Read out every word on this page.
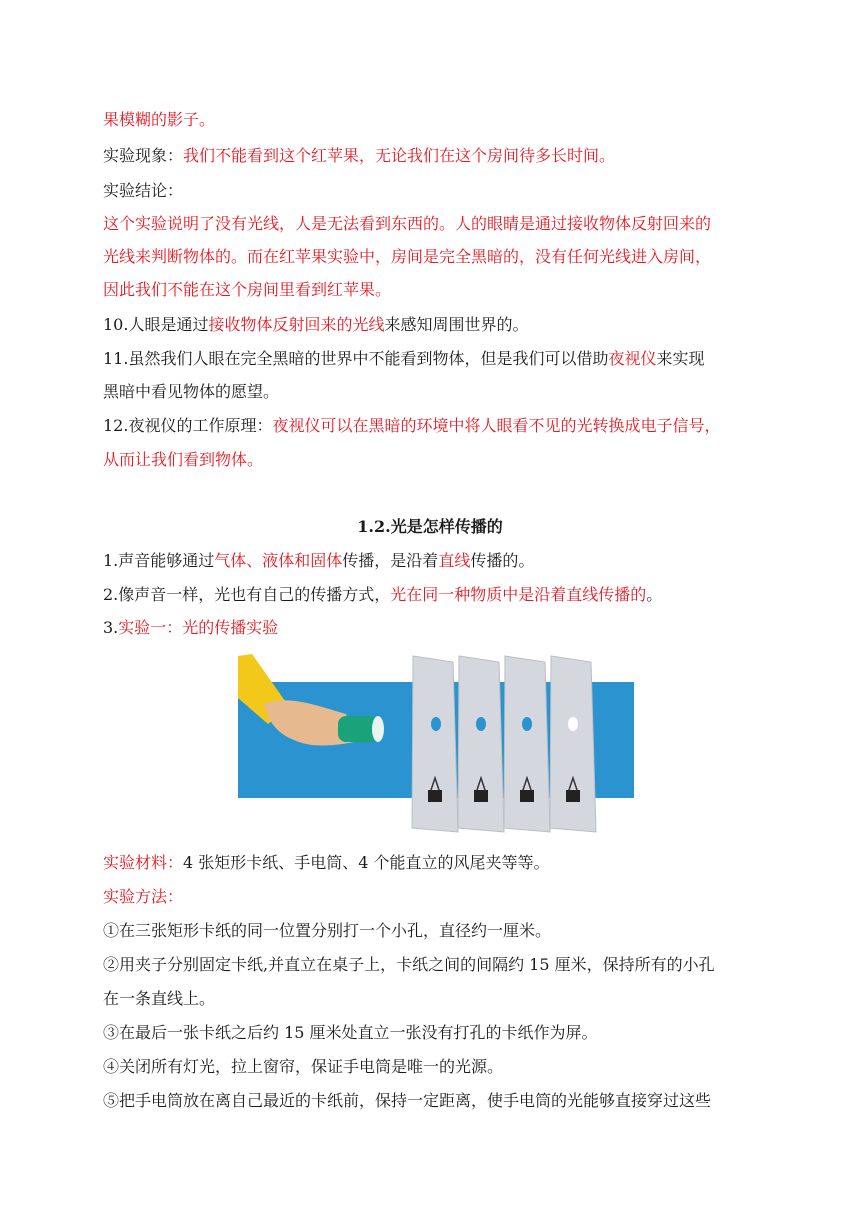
果模糊的影子。
实验现象：我们不能看到这个红苹果，无论我们在这个房间待多长时间。
实验结论：
这个实验说明了没有光线，人是无法看到东西的。人的眼睛是通过接收物体反射回来的
光线来判断物体的。而在红苹果实验中，房间是完全黑暗的，没有任何光线进入房间，
因此我们不能在这个房间里看到红苹果。
10.人眼是通过接收物体反射回来的光线来感知周围世界的。
11.虽然我们人眼在完全黑暗的世界中不能看到物体，但是我们可以借助夜视仪来实现
黑暗中看见物体的愿望。
12.夜视仪的工作原理：夜视仪可以在黑暗的环境中将人眼看不见的光转换成电子信号，
从而让我们看到物体。
1.2.光是怎样传播的
1.声音能够通过气体、液体和固体传播，是沿着直线传播的。
2.像声音一样，光也有自己的传播方式，光在同一种物质中是沿着直线传播的。
3.实验一：光的传播实验
实验材料：4 张矩形卡纸、手电筒、4 个能直立的风尾夹等等。
实验方法：
①在三张矩形卡纸的同一位置分别打一个小孔，直径约一厘米。
②用夹子分别固定卡纸,并直立在桌子上，卡纸之间的间隔约 15 厘米，保持所有的小孔
在一条直线上。
③在最后一张卡纸之后约 15 厘米处直立一张没有打孔的卡纸作为屏。
④关闭所有灯光，拉上窗帘，保证手电筒是唯一的光源。
⑤把手电筒放在离自己最近的卡纸前，保持一定距离，使手电筒的光能够直接穿过这些
